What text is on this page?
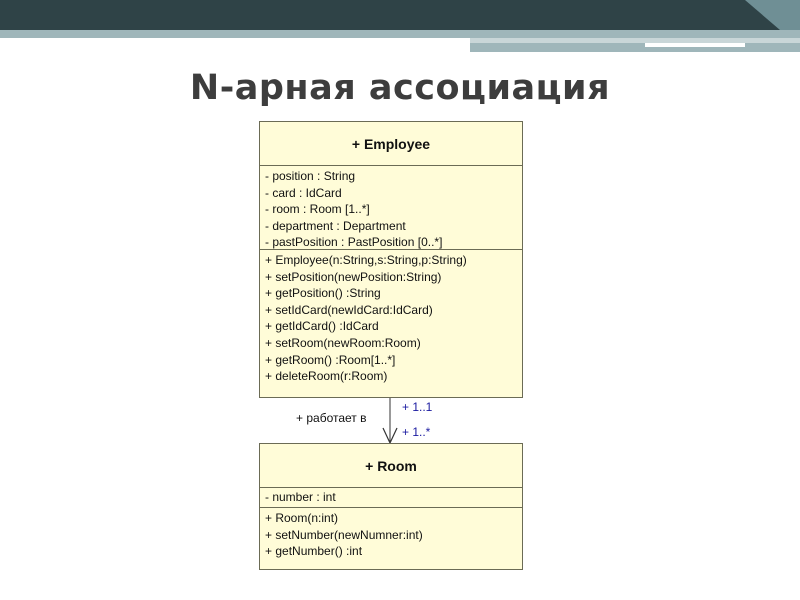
N-арная ассоциация
+ работает в
+ 1..1
+ 1..*
+ Employee
- position : String
- card : IdCard
- room : Room [1..*]
- department : Department
- pastPosition : PastPosition [0..*]
+ Employee(n:String,s:String,p:String)
+ setPosition(newPosition:String)
+ getPosition() :String
+ setIdCard(newIdCard:IdCard)
+ getIdCard() :IdCard
+ setRoom(newRoom:Room)
+ getRoom() :Room[1..*]
+ deleteRoom(r:Room)
+ Room
- number : int
+ Room(n:int)
+ setNumber(newNumner:int)
+ getNumber() :int
